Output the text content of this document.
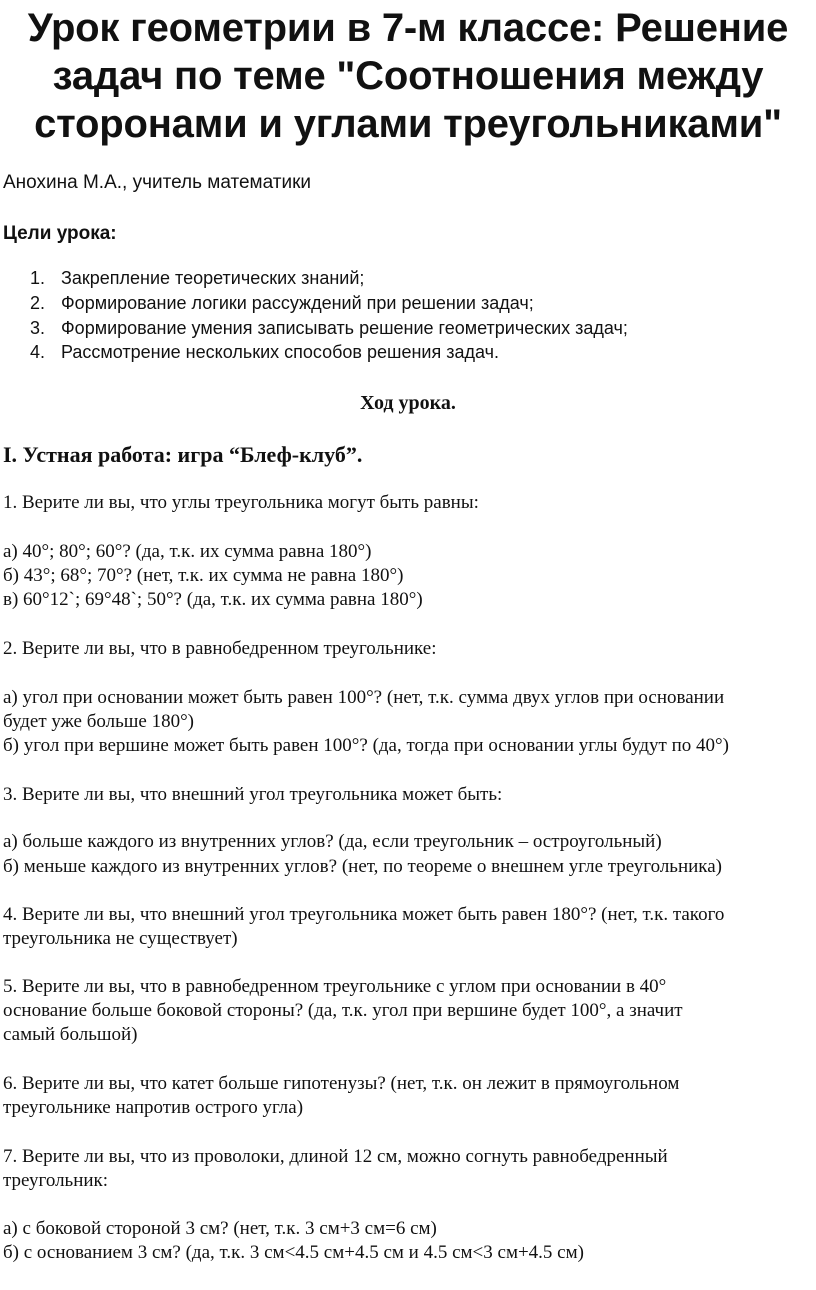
Урок геометрии в 7-м классе: Решение
задач по теме "Соотношения между
сторонами и углами треугольниками"
Анохина М.А., учитель математики
Цели урока:
1. Закрепление теоретических знаний;
2. Формирование логики рассуждений при решении задач;
3. Формирование умения записывать решение геометрических задач;
4. Рассмотрение нескольких способов решения задач.
Ход урока.
I. Устная работа: игра “Блеф-клуб”.
1. Верите ли вы, что углы треугольника могут быть равны:
а) 40°; 80°; 60°? (да, т.к. их сумма равна 180°)
б) 43°; 68°; 70°? (нет, т.к. их сумма не равна 180°)
в) 60°12`; 69°48`; 50°? (да, т.к. их сумма равна 180°)
2. Верите ли вы, что в равнобедренном треугольнике:
а) угол при основании может быть равен 100°? (нет, т.к. сумма двух углов при основании
будет уже больше 180°)
б) угол при вершине может быть равен 100°? (да, тогда при основании углы будут по 40°)
3. Верите ли вы, что внешний угол треугольника может быть:
а) больше каждого из внутренних углов? (да, если треугольник – остроугольный)
б) меньше каждого из внутренних углов? (нет, по теореме о внешнем угле треугольника)
4. Верите ли вы, что внешний угол треугольника может быть равен 180°? (нет, т.к. такого
треугольника не существует)
5. Верите ли вы, что в равнобедренном треугольнике с углом при основании в 40°
основание больше боковой стороны? (да, т.к. угол при вершине будет 100°, а значит
самый большой)
6. Верите ли вы, что катет больше гипотенузы? (нет, т.к. он лежит в прямоугольном
треугольнике напротив острого угла)
7. Верите ли вы, что из проволоки, длиной 12 см, можно согнуть равнобедренный
треугольник:
а) с боковой стороной 3 см? (нет, т.к. 3 см+3 см=6 см)
б) с основанием 3 см? (да, т.к. 3 см<4.5 см+4.5 см и 4.5 см<3 см+4.5 см)
